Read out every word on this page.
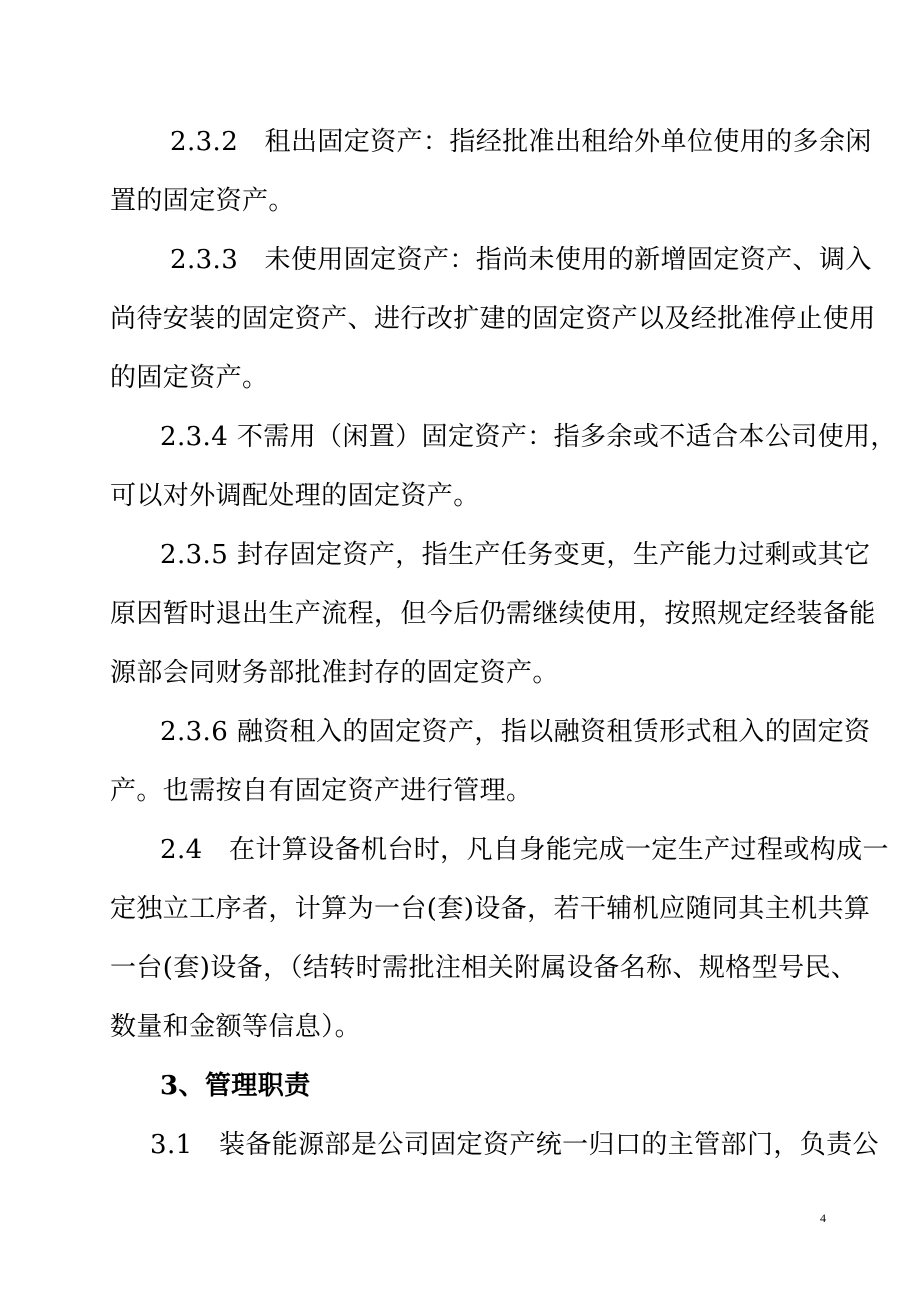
2.3.2　租出固定资产：指经批准出租给外单位使用的多余闲
置的固定资产。
2.3.3　未使用固定资产：指尚未使用的新增固定资产、调入
尚待安装的固定资产、进行改扩建的固定资产以及经批准停止使用
的固定资产。
2.3.4 不需用（闲置）固定资产：指多余或不适合本公司使用，
可以对外调配处理的固定资产。
2.3.5 封存固定资产，指生产任务变更，生产能力过剩或其它
原因暂时退出生产流程，但今后仍需继续使用，按照规定经装备能
源部会同财务部批准封存的固定资产。
2.3.6 融资租入的固定资产，指以融资租赁形式租入的固定资
产。也需按自有固定资产进行管理。
2.4　在计算设备机台时，凡自身能完成一定生产过程或构成一
定独立工序者，计算为一台(套)设备，若干辅机应随同其主机共算
一台(套)设备，（结转时需批注相关附属设备名称、规格型号民、
数量和金额等信息）。
3、管理职责
3.1　装备能源部是公司固定资产统一归口的主管部门，负责公
4
